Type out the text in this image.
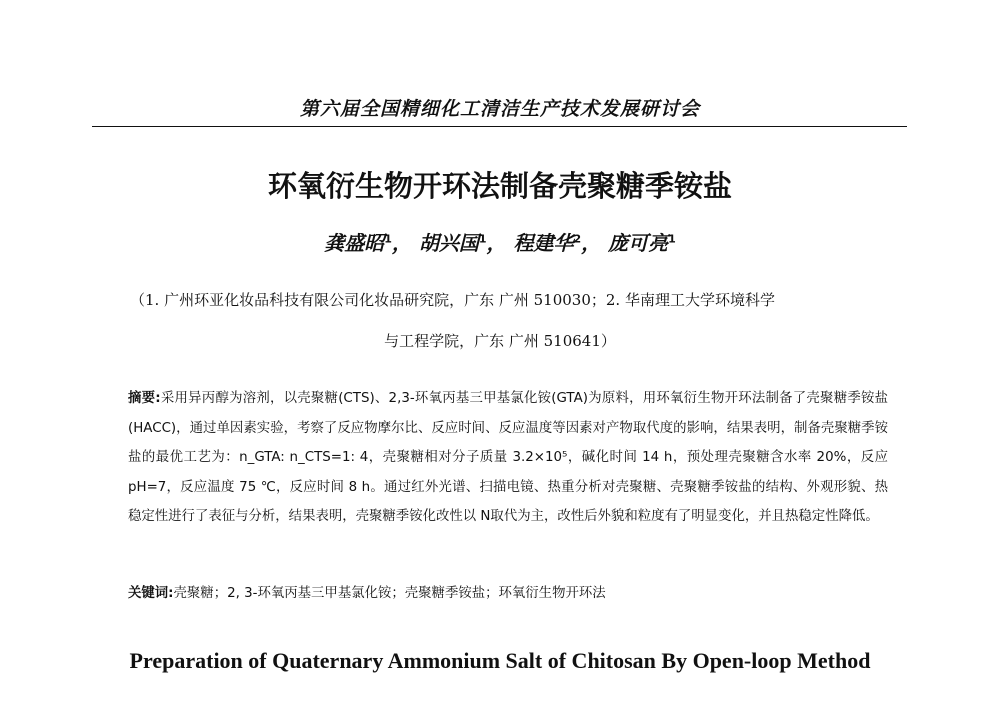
第六届全国精细化工清洁生产技术发展研讨会
环氧衍生物开环法制备壳聚糖季铵盐
龚盛昭$^1$， 胡兴国$^1$， 程建华$^2$， 庞可亮$^1$
（1. 广州环亚化妆品科技有限公司化妆品研究院，广东 广州 510030；2. 华南理工大学环境科学
与工程学院，广东 广州 510641）
摘要:采用异丙醇为溶剂，以壳聚糖(CTS)、2,3-环氧丙基三甲基氯化铵(GTA)为原料，用环氧衍生物开环法制备了壳聚糖季铵盐(HACC)，通过单因素实验，考察了反应物摩尔比、反应时间、反应温度等因素对产物取代度的影响，结果表明，制备壳聚糖季铵盐的最优工艺为：n_GTA: n_CTS=1: 4，壳聚糖相对分子质量 3.2×10⁵，碱化时间 14 h，预处理壳聚糖含水率 20%，反应 pH=7，反应温度 75 ℃，反应时间 8 h。通过红外光谱、扫描电镜、热重分析对壳聚糖、壳聚糖季铵盐的结构、外观形貌、热稳定性进行了表征与分析，结果表明，壳聚糖季铵化改性以 N取代为主，改性后外貌和粒度有了明显变化，并且热稳定性降低。
关键词:壳聚糖；2, 3-环氧丙基三甲基氯化铵；壳聚糖季铵盐；环氧衍生物开环法
Preparation of Quaternary Ammonium Salt of Chitosan By Open-loop Method
